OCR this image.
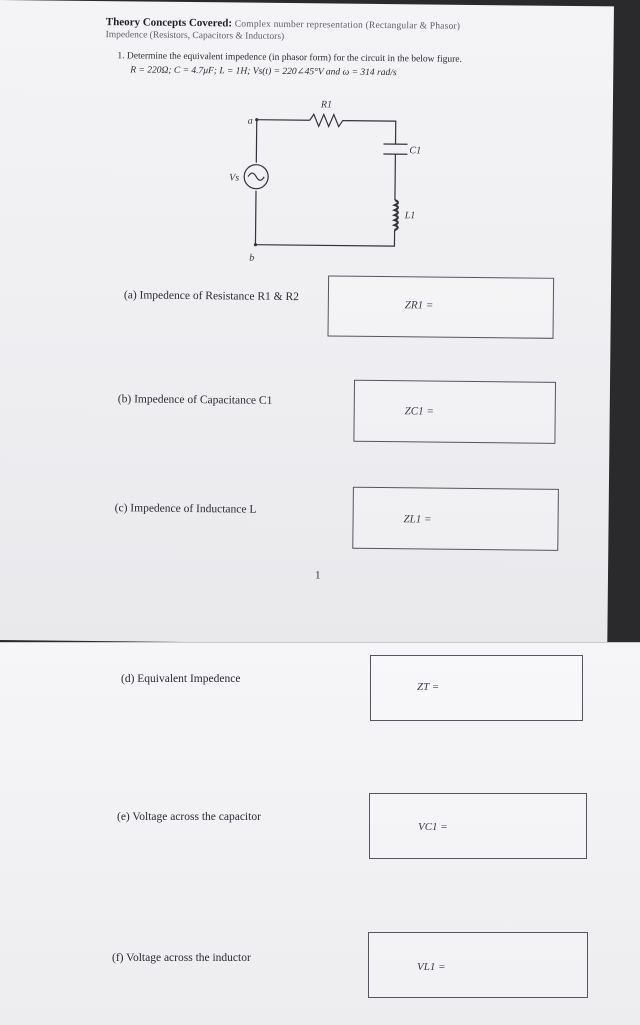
Theory Concepts Covered: Complex number representation (Rectangular & Phasor)
Impedence (Resistors, Capacitors & Inductors)
1. Determine the equivalent impedence (in phasor form) for the circuit in the below figure.
R = 220Ω; C = 4.7μF; L = 1H; Vs(t) = 220∠45°V and ω = 314 rad/s
a
b
R1
C1
L1
Vs
(a) Impedence of Resistance R1 & R2
ZR1 =
(b) Impedence of Capacitance C1
ZC1 =
(c) Impedence of Inductance L
ZL1 =
1
(d) Equivalent Impedence
ZT =
(e) Voltage across the capacitor
VC1 =
(f) Voltage across the inductor
VL1 =
